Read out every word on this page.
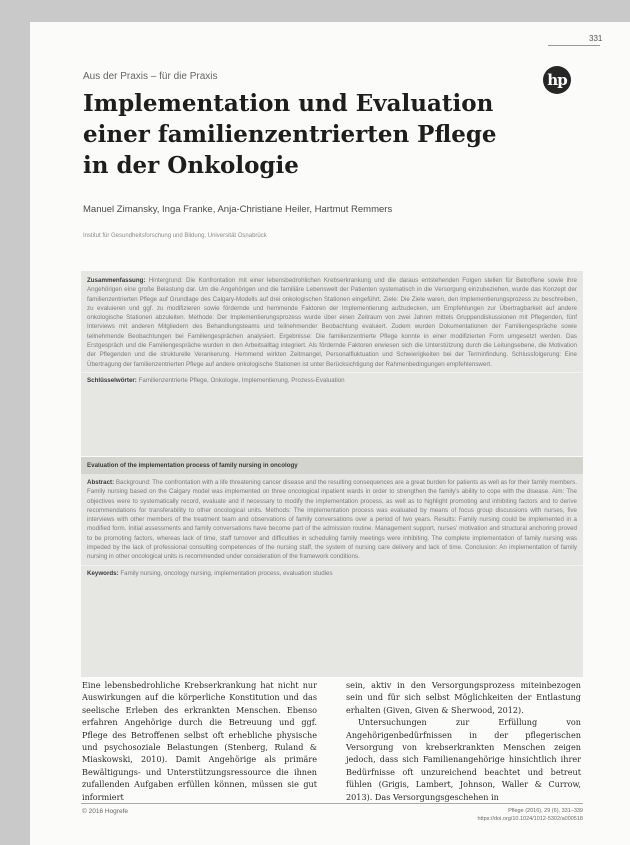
331
hp
Aus der Praxis – für die Praxis
Implementation und Evaluation
einer familienzentrierten Pflege
in der Onkologie
Manuel Zimansky, Inga Franke, Anja-Christiane Heiler, Hartmut Remmers
Institut für Gesundheitsforschung und Bildung, Universität Osnabrück

Zusammenfassung: Hintergrund: Die Konfrontation mit einer lebensbedrohlichen Krebserkrankung und die daraus entstehenden Folgen stellen für Betroffene sowie ihre Angehörigen eine große Belastung dar. Um die Angehörigen und die familiäre Lebenswelt der Patienten systematisch in die Versorgung einzubeziehen, wurde das Konzept der familienzentrierten Pflege auf Grundlage des Calgary-Modells auf drei onkologischen Stationen eingeführt. Ziele: Die Ziele waren, den Implementierungsprozess zu beschreiben, zu evaluieren und ggf. zu modifizieren sowie fördernde und hemmende Faktoren der Implementierung aufzudecken, um Empfehlungen zur Übertragbarkeit auf andere onkologische Stationen abzuleiten. Methode: Der Implementierungsprozess wurde über einen Zeitraum von zwei Jahren mittels Gruppendiskussionen mit Pflegenden, fünf Interviews mit anderen Mitgliedern des Behandlungsteams und teilnehmender Beobachtung evaluiert. Zudem wurden Dokumentationen der Familiengespräche sowie teilnehmende Beobachtungen bei Familiengesprächen analysiert. Ergebnisse: Die familienzentrierte Pflege konnte in einer modifizierten Form umgesetzt werden. Das Erstgespräch und die Familiengespräche wurden in den Arbeitsalltag integriert. Als fördernde Faktoren erwiesen sich die Unterstützung durch die Leitungsebene, die Motivation der Pflegenden und die strukturelle Verankerung. Hemmend wirkten Zeitmangel, Personalfluktuation und Schwierigkeiten bei der Terminfindung. Schlussfolgerung: Eine Übertragung der familienzentrierten Pflege auf andere onkologische Stationen ist unter Berücksichtigung der Rahmenbedingungen empfehlenswert.

Schlüsselwörter: Familienzentrierte Pflege, Onkologie, Implementierung, Prozess-Evaluation
Evaluation of the implementation process of family nursing in oncology

Abstract: Background: The confrontation with a life threatening cancer disease and the resulting consequences are a great burden for patients as well as for their family members. Family nursing based on the Calgary model was implemented on three oncological inpatient wards in order to strengthen the family's ability to cope with the disease. Aim: The objectives were to systematically record, evaluate and if necessary to modify the implementation process, as well as to highlight promoting and inhibiting factors and to derive recommendations for transferability to other oncological units. Methods: The implementation process was evaluated by means of focus group discussions with nurses, five interviews with other members of the treatment team and observations of family conversations over a period of two years. Results: Family nursing could be implemented in a modified form. Initial assessments and family conversations have become part of the admission routine. Management support, nurses' motivation and structural anchoring proved to be promoting factors, whereas lack of time, staff turnover and difficulties in scheduling family meetings were inhibiting. The complete implementation of family nursing was impeded by the lack of professional consulting competences of the nursing staff, the system of nursing care delivery and lack of time. Conclusion: An implementation of family nursing in other oncological units is recommended under consideration of the framework conditions.

Keywords: Family nursing, oncology nursing, implementation process, evaluation studies

Eine lebensbedrohliche Krebserkrankung hat nicht nur Auswirkungen auf die körperliche Konstitution und das seelische Erleben des erkrankten Menschen. Ebenso erfahren Angehörige durch die Betreuung und ggf. Pflege des Betroffenen selbst oft erhebliche physische und psychosoziale Belastungen (Stenberg, Ruland & Miaskowski, 2010). Damit Angehörige als primäre Bewältigungs- und Unterstützungsressource die ihnen zufallenden Aufgaben erfüllen können, müssen sie gut informiert

sein, aktiv in den Versorgungsprozess miteinbezogen sein und für sich selbst Möglichkeiten der Entlastung erhalten (Given, Given & Sherwood, 2012).

Untersuchungen zur Erfüllung von Angehörigenbedürfnissen in der pflegerischen Versorgung von krebserkrankten Menschen zeigen jedoch, dass sich Familienangehörige hinsichtlich ihrer Bedürfnisse oft unzureichend beachtet und betreut fühlen (Grigis, Lambert, Johnson, Waller & Currow, 2013). Das Versorgungsgeschehen in

© 2016 Hogrefe	Pflege (2016), 29 (6), 331–339
https://doi.org/10.1024/1012-5302/a000518
